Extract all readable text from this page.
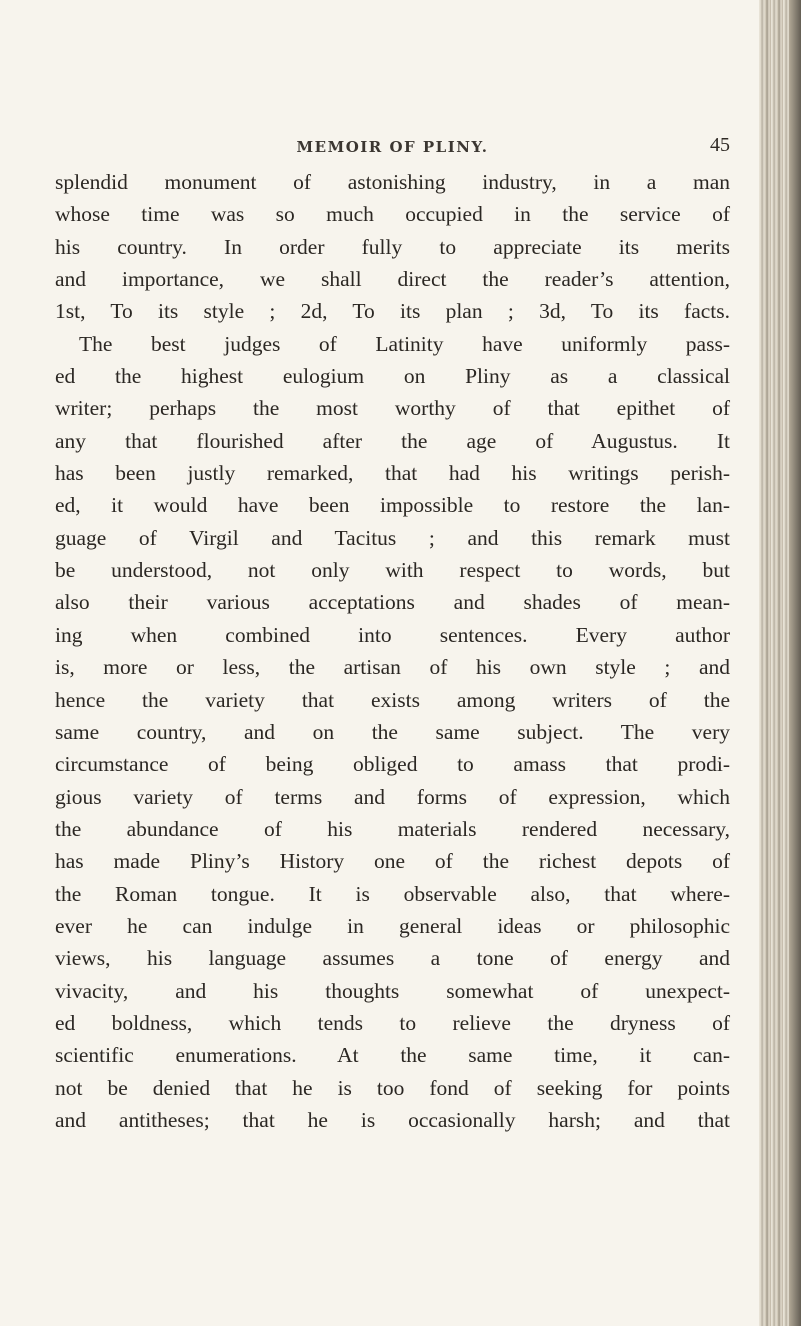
MEMOIR OF PLINY.	45
splendid monument of astonishing industry, in a man
whose time was so much occupied in the service of
his country. In order fully to appreciate its merits
and importance, we shall direct the reader’s attention,
1st, To its style ; 2d, To its plan ; 3d, To its facts.
The best judges of Latinity have uniformly pass-
ed the highest eulogium on Pliny as a classical
writer; perhaps the most worthy of that epithet of
any that flourished after the age of Augustus. It
has been justly remarked, that had his writings perish-
ed, it would have been impossible to restore the lan-
guage of Virgil and Tacitus ; and this remark must
be understood, not only with respect to words, but
also their various acceptations and shades of mean-
ing when combined into sentences. Every author
is, more or less, the artisan of his own style ; and
hence the variety that exists among writers of the
same country, and on the same subject. The very
circumstance of being obliged to amass that prodi-
gious variety of terms and forms of expression, which
the abundance of his materials rendered necessary,
has made Pliny’s History one of the richest depots of
the Roman tongue. It is observable also, that where-
ever he can indulge in general ideas or philosophic
views, his language assumes a tone of energy and
vivacity, and his thoughts somewhat of unexpect-
ed boldness, which tends to relieve the dryness of
scientific enumerations. At the same time, it can-
not be denied that he is too fond of seeking for points
and antitheses; that he is occasionally harsh; and that
